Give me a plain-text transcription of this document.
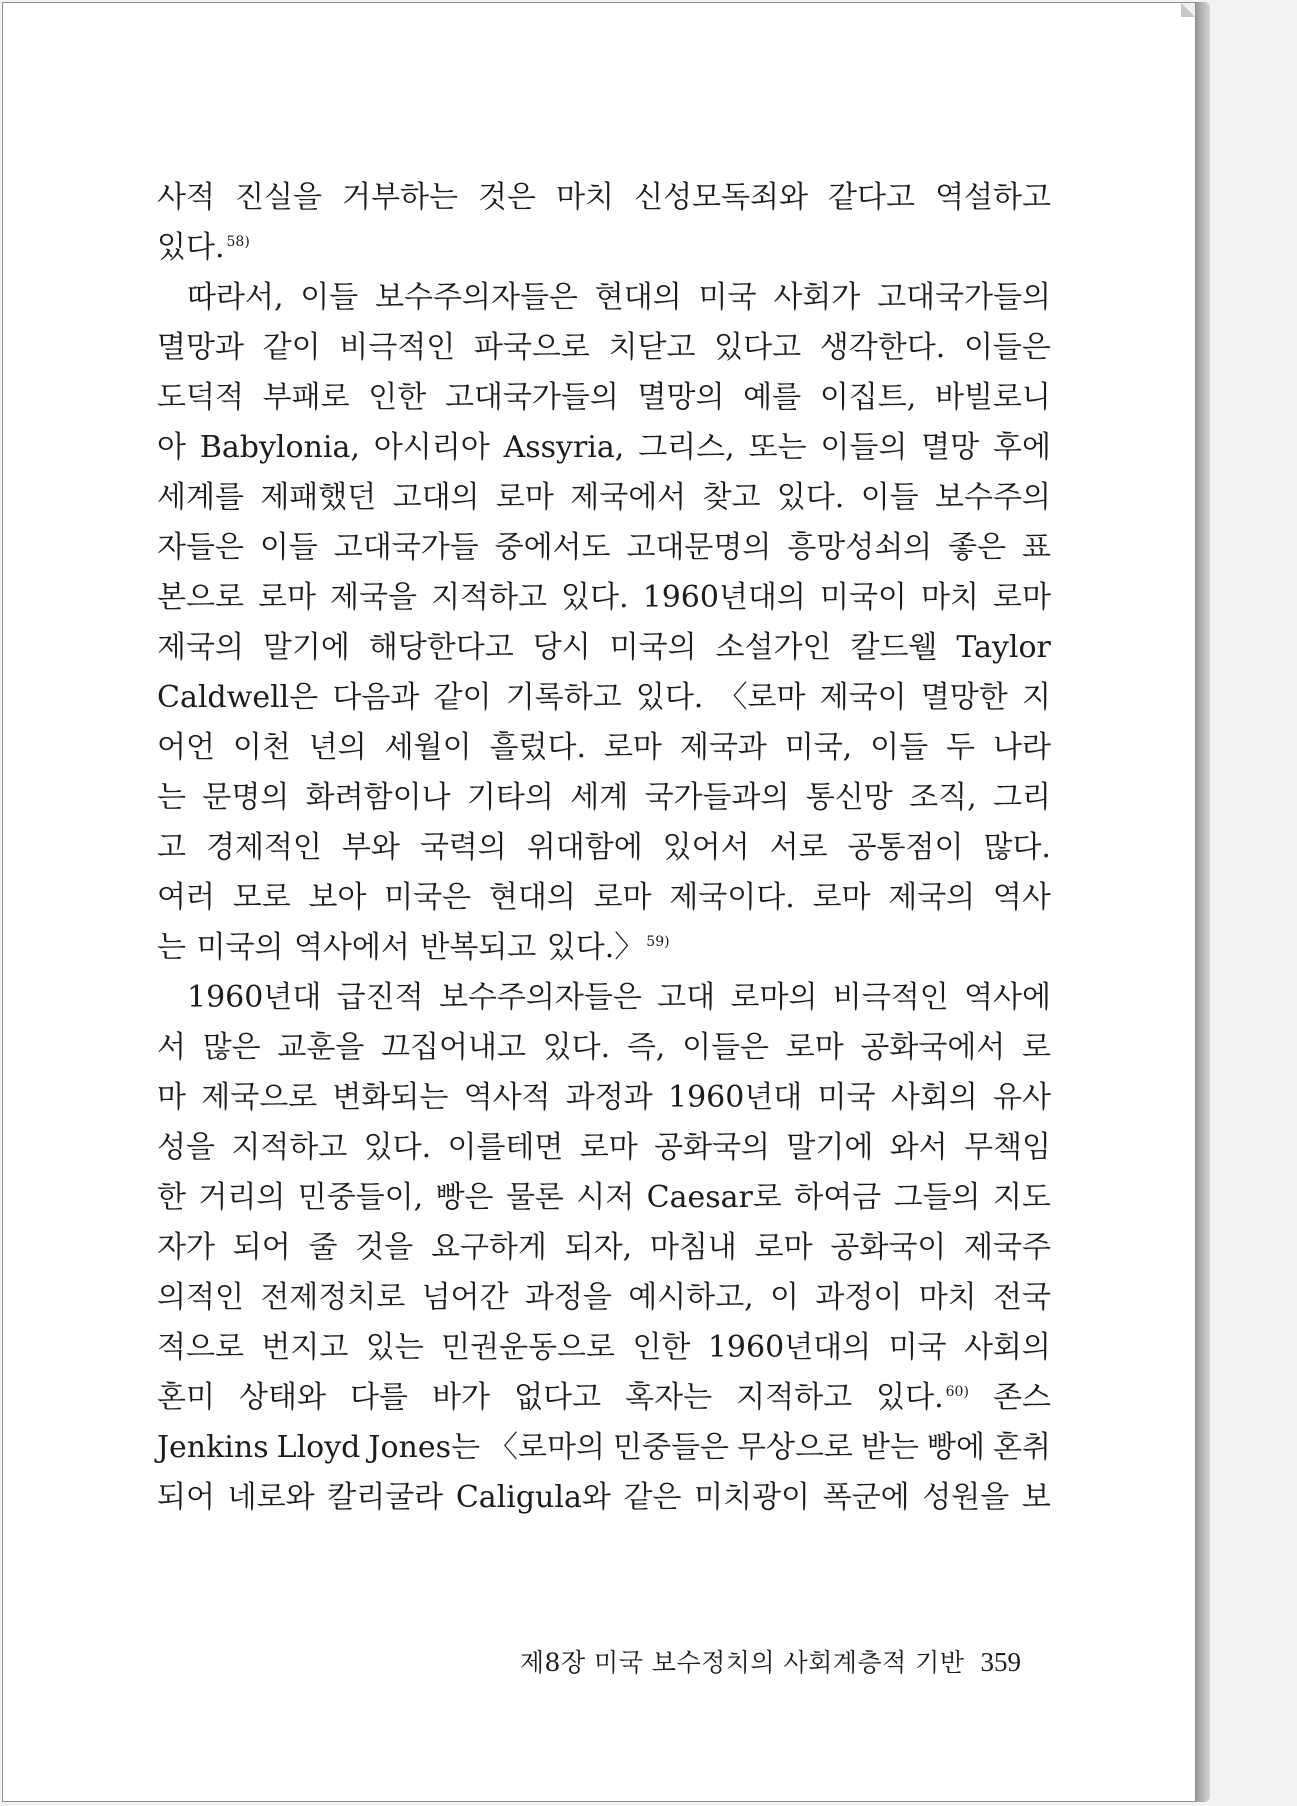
사적 진실을 거부하는 것은 마치 신성모독죄와 같다고 역설하고
있다. $^{58)}$
따라서, 이들 보수주의자들은 현대의 미국 사회가 고대국가들의
멸망과 같이 비극적인 파국으로 치닫고 있다고 생각한다. 이들은
도덕적 부패로 인한 고대국가들의 멸망의 예를 이집트, 바빌로니
아 Babylonia, 아시리아 Assyria, 그리스, 또는 이들의 멸망 후에
세계를 제패했던 고대의 로마 제국에서 찾고 있다. 이들 보수주의
자들은 이들 고대국가들 중에서도 고대문명의 흥망성쇠의 좋은 표
본으로 로마 제국을 지적하고 있다. 1960년대의 미국이 마치 로마
제국의 말기에 해당한다고 당시 미국의 소설가인 칼드웰 Taylor
Caldwell은 다음과 같이 기록하고 있다. 〈로마 제국이 멸망한 지
어언 이천 년의 세월이 흘렀다. 로마 제국과 미국, 이들 두 나라
는 문명의 화려함이나 기타의 세계 국가들과의 통신망 조직, 그리
고 경제적인 부와 국력의 위대함에 있어서 서로 공통점이 많다.
여러 모로 보아 미국은 현대의 로마 제국이다. 로마 제국의 역사
는 미국의 역사에서 반복되고 있다.〉 $^{59)}$
1960년대 급진적 보수주의자들은 고대 로마의 비극적인 역사에
서 많은 교훈을 끄집어내고 있다. 즉, 이들은 로마 공화국에서 로
마 제국으로 변화되는 역사적 과정과 1960년대 미국 사회의 유사
성을 지적하고 있다. 이를테면 로마 공화국의 말기에 와서 무책임
한 거리의 민중들이, 빵은 물론 시저 Caesar로 하여금 그들의 지도
자가 되어 줄 것을 요구하게 되자, 마침내 로마 공화국이 제국주
의적인 전제정치로 넘어간 과정을 예시하고, 이 과정이 마치 전국
적으로 번지고 있는 민권운동으로 인한 1960년대의 미국 사회의
혼미 상태와 다를 바가 없다고 혹자는 지적하고 있다. $^{60)}$ 존스
Jenkins Lloyd Jones는 〈로마의 민중들은 무상으로 받는 빵에 혼취
되어 네로와 칼리굴라 Caligula와 같은 미치광이 폭군에 성원을 보
제8장 미국 보수정치의 사회계층적 기반 359
